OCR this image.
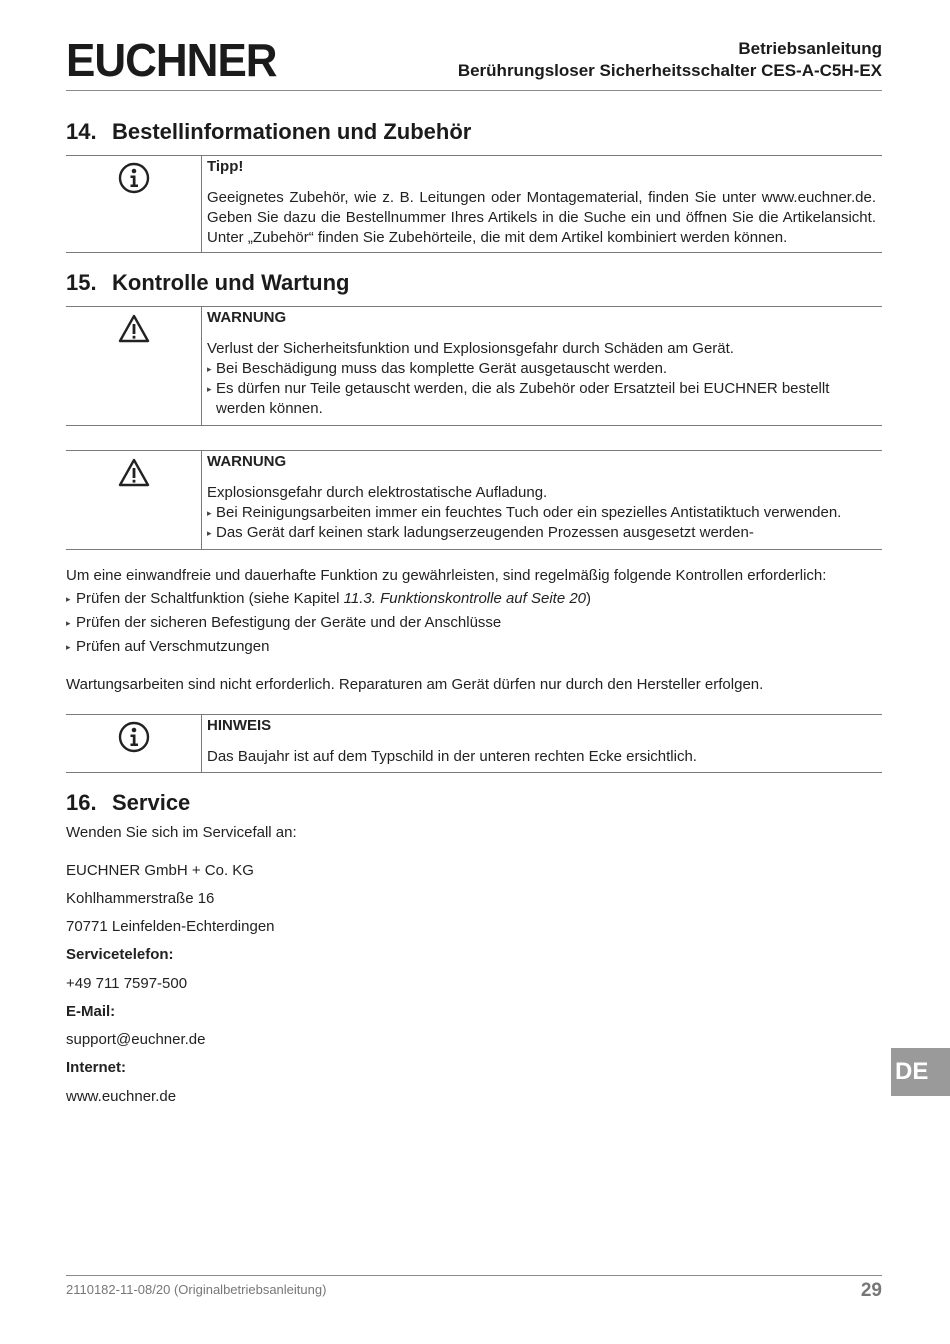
EUCHNER	Betriebsanleitung
Berührungsloser Sicherheitsschalter CES-A-C5H-EX
14. Bestellinformationen und Zubehör
Tipp!
Geeignetes Zubehör, wie z. B. Leitungen oder Montagematerial, finden Sie unter www.euchner.de. Geben Sie dazu die Bestellnummer Ihres Artikels in die Suche ein und öffnen Sie die Artikelansicht. Unter „Zubehör“ finden Sie Zubehörteile, die mit dem Artikel kombiniert werden können.
15. Kontrolle und Wartung
WARNUNG
Verlust der Sicherheitsfunktion und Explosionsgefahr durch Schäden am Gerät.
▸ Bei Beschädigung muss das komplette Gerät ausgetauscht werden.
▸ Es dürfen nur Teile getauscht werden, die als Zubehör oder Ersatzteil bei EUCHNER bestellt werden können.
WARNUNG
Explosionsgefahr durch elektrostatische Aufladung.
▸ Bei Reinigungsarbeiten immer ein feuchtes Tuch oder ein spezielles Antistatiktuch verwenden.
▸ Das Gerät darf keinen stark ladungserzeugenden Prozessen ausgesetzt werden-
Um eine einwandfreie und dauerhafte Funktion zu gewährleisten, sind regelmäßig folgende Kontrollen erforderlich:
▸ Prüfen der Schaltfunktion (siehe Kapitel 11.3. Funktionskontrolle auf Seite 20)
▸ Prüfen der sicheren Befestigung der Geräte und der Anschlüsse
▸ Prüfen auf Verschmutzungen
Wartungsarbeiten sind nicht erforderlich. Reparaturen am Gerät dürfen nur durch den Hersteller erfolgen.
HINWEIS
Das Baujahr ist auf dem Typschild in der unteren rechten Ecke ersichtlich.
16. Service
Wenden Sie sich im Servicefall an:
EUCHNER GmbH + Co. KG
Kohlhammerstraße 16
70771 Leinfelden-Echterdingen
Servicetelefon:
+49 711 7597-500
E-Mail:
support@euchner.de
Internet:
www.euchner.de
DE
2110182-11-08/20 (Originalbetriebsanleitung)	29
